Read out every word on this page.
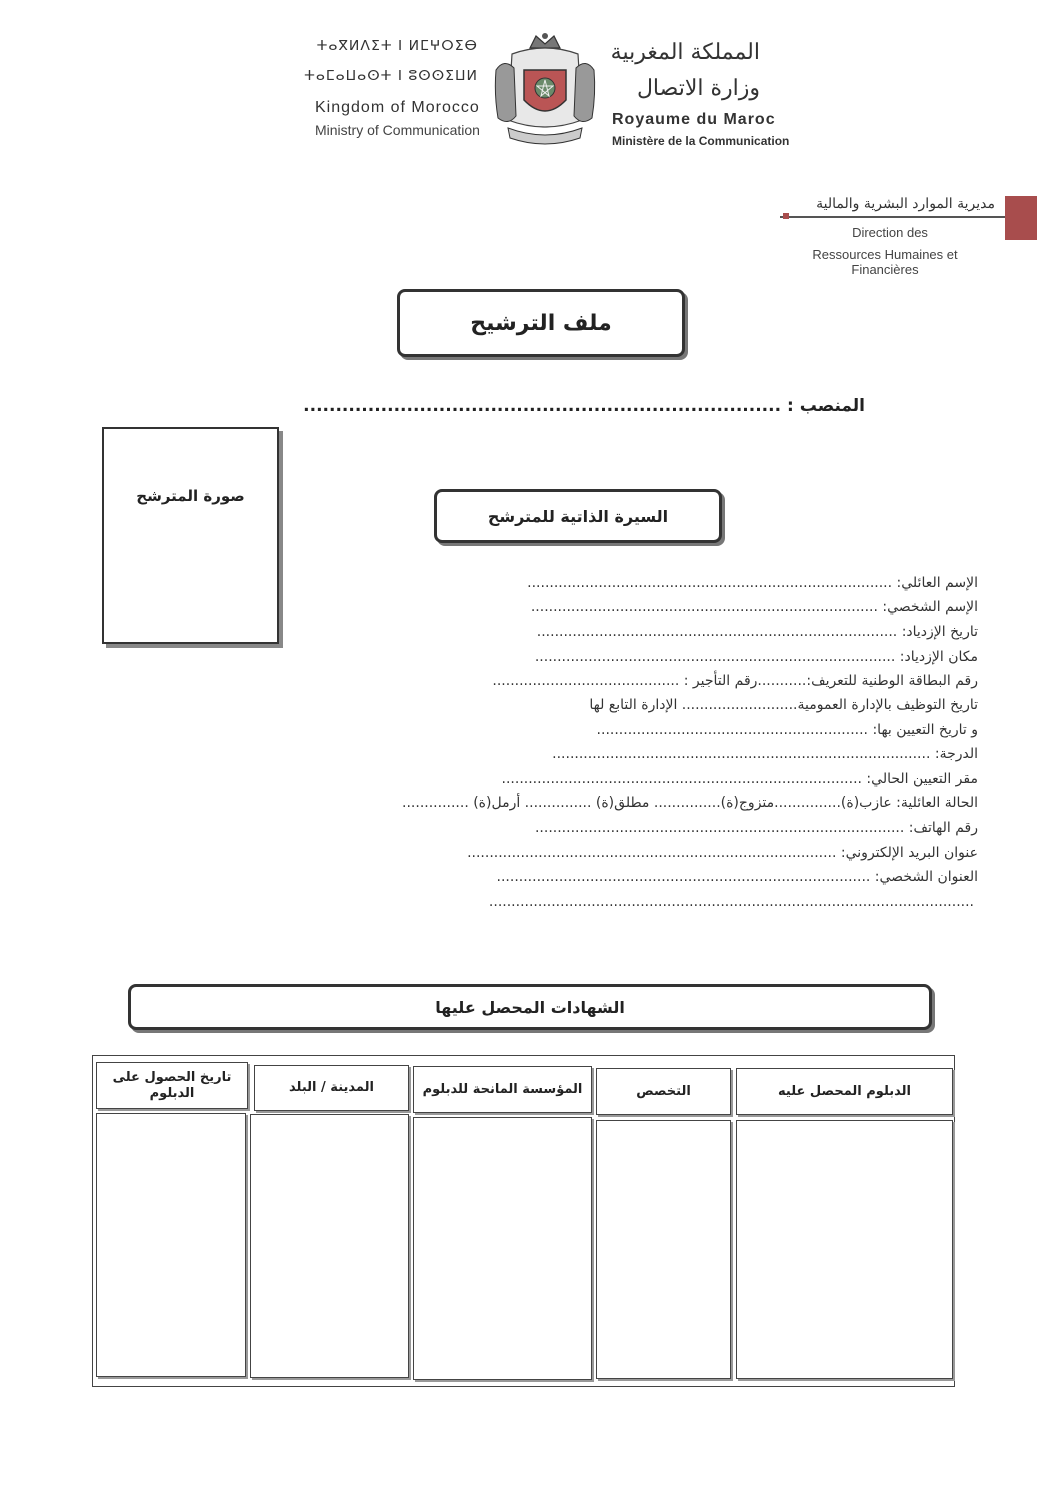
ⵜⴰⴳⵍⴷⵉⵜ ⵏ ⵍⵎⵖⵔⵉⴱ
ⵜⴰⵎⴰⵡⴰⵙⵜ ⵏ ⵓⵙⵙⵉⵡⵍ
Kingdom of Morocco
Ministry of Communication
المملكة المغربية
وزارة الاتصال
Royaume du Maroc
Ministère de la Communication
مديرية الموارد البشرية والمالية
Direction des
Ressources Humaines et Financières
ملف الترشيح
المنصب : ..........................................................................
صورة المترشح
السيرة الذاتية للمترشح
الإسم العائلي: ..................................................................................
الإسم الشخصي: ..............................................................................
تاريخ الإزدياد: .................................................................................
مكان الإزدياد: .................................................................................
رقم البطاقة الوطنية للتعريف:...........رقم التأجير : ..........................................
تاريخ التوظيف بالإدارة العمومية.......................... الإدارة التابع لها
و تاريخ التعيين بها: .............................................................
الدرجة: .....................................................................................
مقر التعيين الحالي: .................................................................................
الحالة العائلية: عازب(ة)...............متزوج(ة)............... مطلق(ة) ............... أرمل(ة) ...............
رقم الهاتف: ...................................................................................
عنوان البريد الإلكتروني: ...................................................................................
العنوان الشخصي: ....................................................................................
.............................................................................................................
الشهادات المحصل عليها
الدبلوم المحصل عليه
التخصص
المؤسسة المانحة للدبلوم
المدينة / البلد
تاريخ الحصول على الدبلوم
